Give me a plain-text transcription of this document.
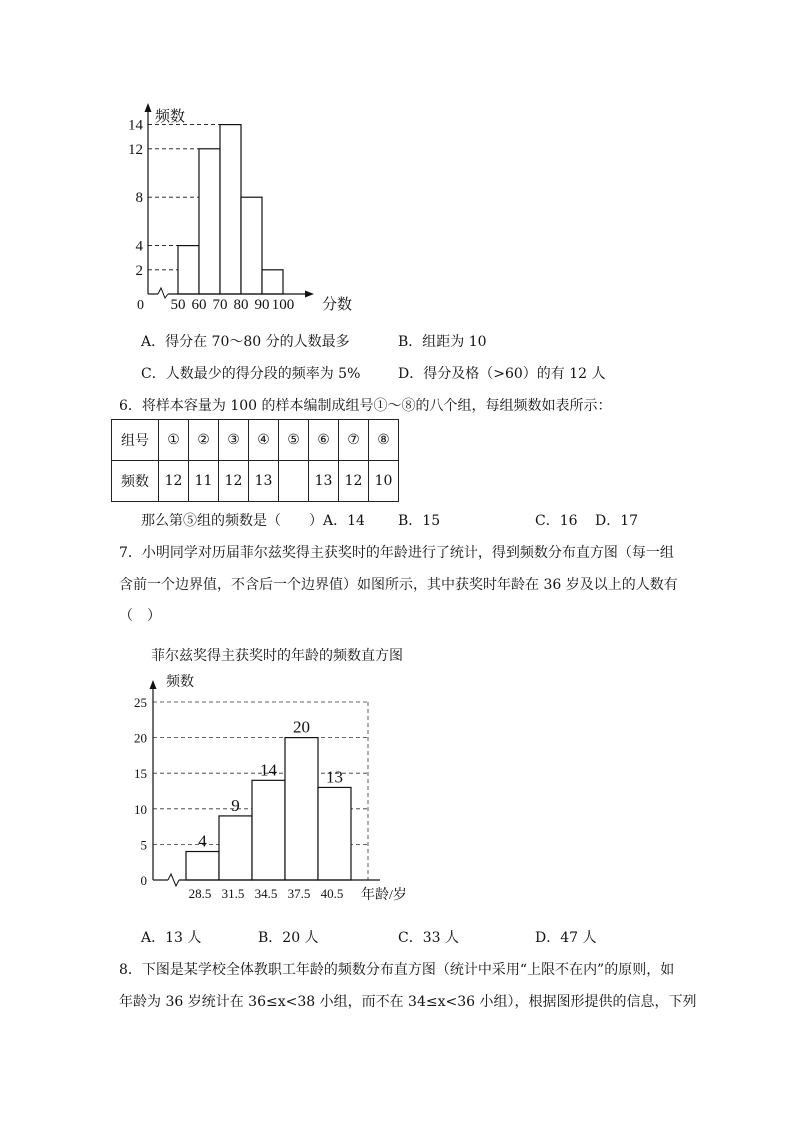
频数
分数
0
2
4
8
12
14
50 60 70 80 90 100
A．得分在 70～80 分的人数最多	B．组距为 10
C．人数最少的得分段的频率为 5%	D．得分及格（>60）的有 12 人
6．将样本容量为 100 的样本编制成组号①～⑧的八个组，每组频数如表所示：
组号	①	②	③	④	⑤	⑥	⑦	⑧
频数	12	11	12	13		13	12	10
那么第⑤组的频数是（　　） A．14 B．15	C．16 D．17
7．小明同学对历届菲尔兹奖得主获奖时的年龄进行了统计，得到频数分布直方图（每一组
含前一个边界值，不含后一个边界值）如图所示，其中获奖时年龄在 36 岁及以上的人数有
（　）
菲尔兹奖得主获奖时的年龄的频数直方图
频数
年龄/岁
0
5
10
15
20
25
28.5 31.5 34.5 37.5 40.5
4
9
14
20
13
A．13 人	B．20 人	C．33 人	D．47 人
8．下图是某学校全体教职工年龄的频数分布直方图（统计中采用“上限不在内”的原则，如
年龄为 36 岁统计在 36≤x<38 小组，而不在 34≤x<36 小组），根据图形提供的信息，下列
